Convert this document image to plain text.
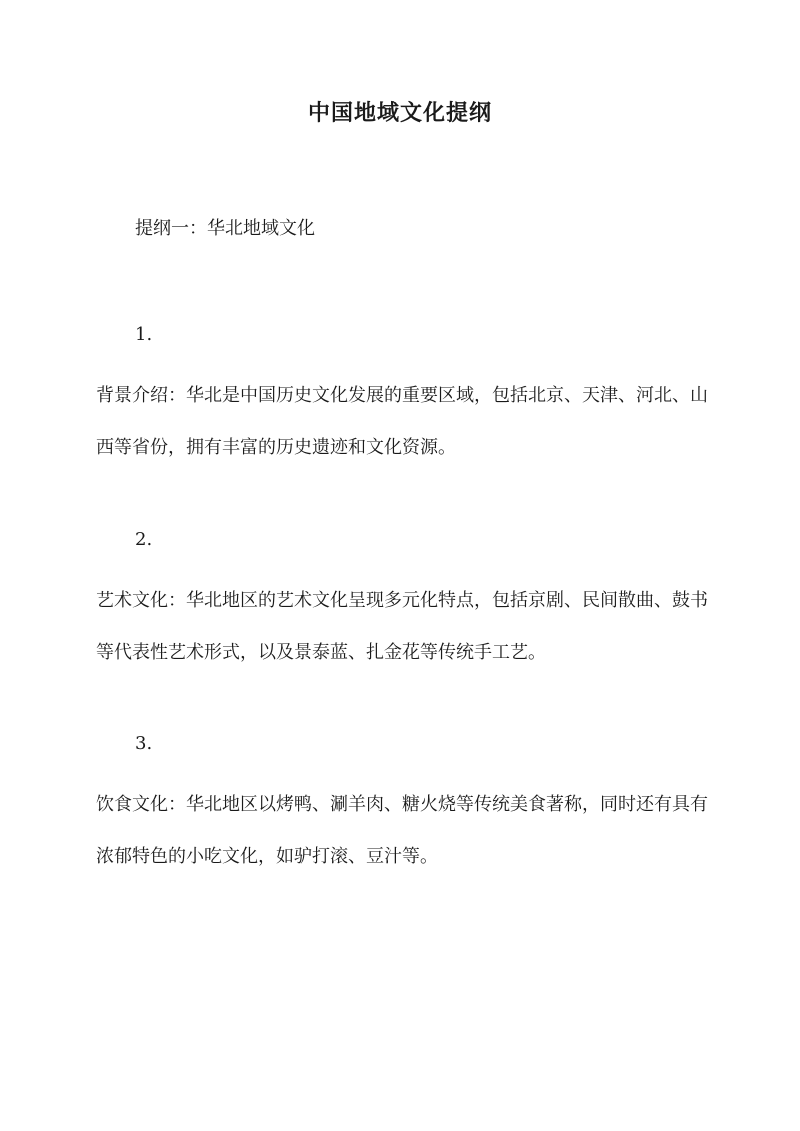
中国地域文化提纲

提纲一：华北地域文化

1.
背景介绍：华北是中国历史文化发展的重要区域，包括北京、天津、河北、山西等省份，拥有丰富的历史遗迹和文化资源。
2.
艺术文化：华北地区的艺术文化呈现多元化特点，包括京剧、民间散曲、鼓书等代表性艺术形式，以及景泰蓝、扎金花等传统手工艺。
3.
饮食文化：华北地区以烤鸭、涮羊肉、糖火烧等传统美食著称，同时还有具有浓郁特色的小吃文化，如驴打滚、豆汁等。
